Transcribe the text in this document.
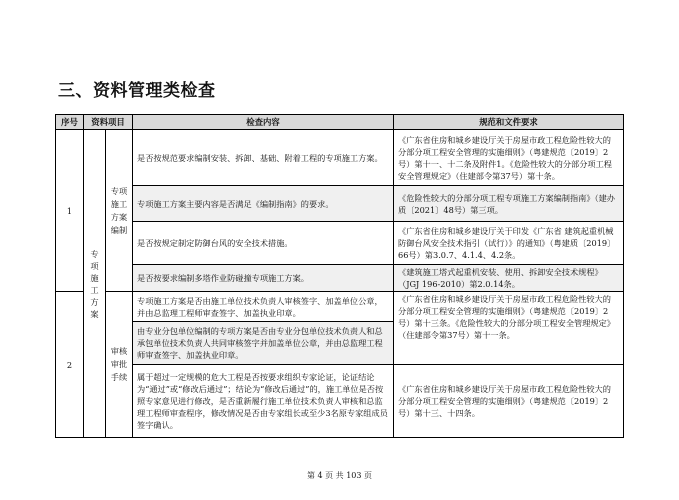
三、资料管理类检查
序号	资料项目		检查内容	规范和文件要求
1	专项施工方案	专项施工方案编制	是否按规范要求编制安装、拆卸、基础、附着工程的专项施工方案。	《广东省住房和城乡建设厅关于房屋市政工程危险性较大的分部分项工程安全管理的实施细则》（粤建规范〔2019〕2号）第十一、十二条及附件1。《危险性较大的分部分项工程安全管理规定》（住建部令第37号）第十条。
			专项施工方案主要内容是否满足《编制指南》的要求。	《危险性较大的分部分项工程专项施工方案编制指南》（建办质〔2021〕48号）第三项。
			是否按规定制定防御台风的安全技术措施。	《广东省住房和城乡建设厅关于印发《广东省 建筑起重机械防御台风安全技术指引（试行）》的通知》（粤建质〔2019〕66号）第3.0.7、4.1.4、4.2条。
			是否按要求编制多塔作业防碰撞专项施工方案。	《建筑施工塔式起重机安装、使用、拆卸安全技术规程》（JGJ 196-2010）第2.0.14条。
2		审核审批手续	专项施工方案是否由施工单位技术负责人审核签字、加盖单位公章，并由总监理工程师审查签字、加盖执业印章。	《广东省住房和城乡建设厅关于房屋市政工程危险性较大的分部分项工程安全管理的实施细则》（粤建规范〔2019〕2号）第十三条。《危险性较大的分部分项工程安全管理规定》（住建部令第37号）第十一条。
			由专业分包单位编制的专项方案是否由专业分包单位技术负责人和总承包单位技术负责人共同审核签字并加盖单位公章，并由总监理工程师审查签字、加盖执业印章。	
			属于超过一定规模的危大工程是否按要求组织专家论证，论证结论为“通过”或“修改后通过”；结论为“修改后通过”的，施工单位是否按照专家意见进行修改，是否重新履行施工单位技术负责人审核和总监理工程师审查程序，修改情况是否由专家组长或至少3名原专家组成员签字确认。	《广东省住房和城乡建设厅关于房屋市政工程危险性较大的分部分项工程安全管理的实施细则》（粤建规范〔2019〕2号）第十三、十四条。
第 4 页 共 103 页
